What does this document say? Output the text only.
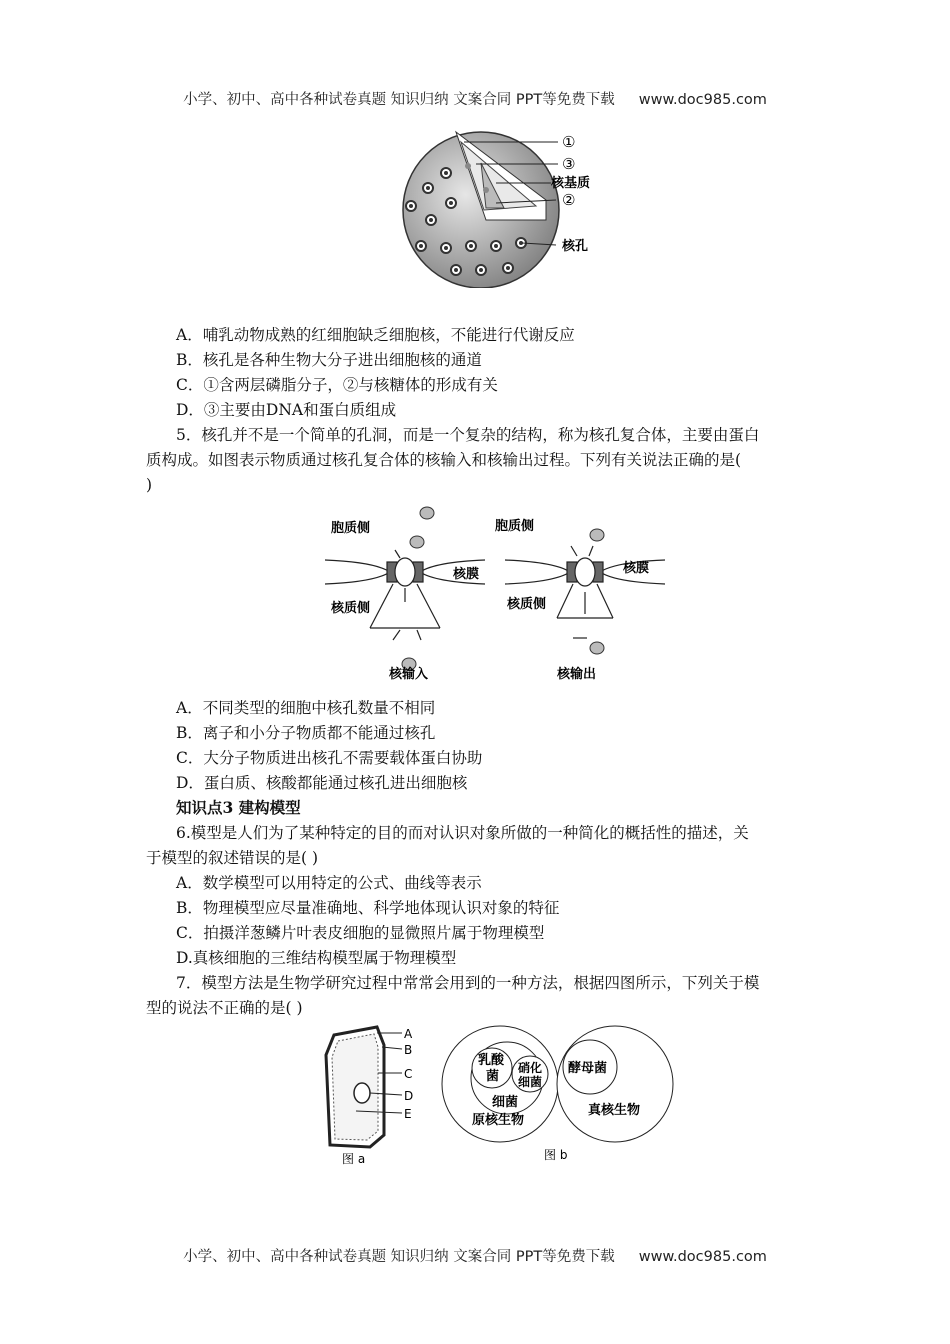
小学、初中、高中各种试卷真题 知识归纳 文案合同 PPT等免费下载 www.doc985.com
①
③
核基质
②
核孔
A．哺乳动物成熟的红细胞缺乏细胞核，不能进行代谢反应
B．核孔是各种生物大分子进出细胞核的通道
C．①含两层磷脂分子，②与核糖体的形成有关
D．③主要由DNA和蛋白质组成
5．核孔并不是一个简单的孔洞，而是一个复杂的结构，称为核孔复合体，主要由蛋白
质构成。如图表示物质通过核孔复合体的核输入和核输出过程。下列有关说法正确的是(
)
胞质侧
核质侧
核膜
核输入
胞质侧
核质侧
核膜
核输出
A．不同类型的细胞中核孔数量不相同
B．离子和小分子物质都不能通过核孔
C．大分子物质进出核孔不需要载体蛋白协助
D．蛋白质、核酸都能通过核孔进出细胞核
知识点3 建构模型
6.模型是人们为了某种特定的目的而对认识对象所做的一种简化的概括性的描述，关
于模型的叙述错误的是( )
A．数学模型可以用特定的公式、曲线等表示
B．物理模型应尽量准确地、科学地体现认识对象的特征
C．拍摄洋葱鳞片叶表皮细胞的显微照片属于物理模型
D.真核细胞的三维结构模型属于物理模型
7．模型方法是生物学研究过程中常常会用到的一种方法，根据四图所示，下列关于模
型的说法不正确的是( )
A
B
C
D
E
图 a
乳酸
菌
硝化
细菌
细菌
原核生物
酵母菌
真核生物
图 b
小学、初中、高中各种试卷真题 知识归纳 文案合同 PPT等免费下载 www.doc985.com
